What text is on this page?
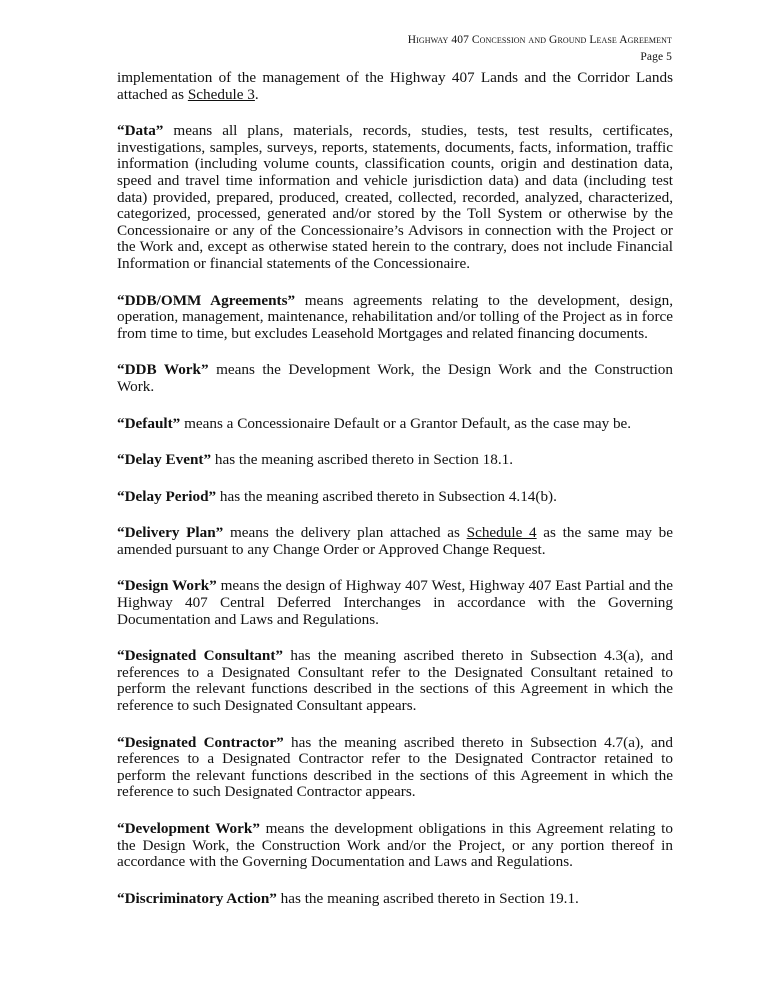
Highway 407 Concession and Ground Lease Agreement
Page 5

implementation of the management of the Highway 407 Lands and the Corridor Lands attached as Schedule 3.

“Data” means all plans, materials, records, studies, tests, test results, certificates, investigations, samples, surveys, reports, statements, documents, facts, information, traffic information (including volume counts, classification counts, origin and destination data, speed and travel time information and vehicle jurisdiction data) and data (including test data) provided, prepared, produced, created, collected, recorded, analyzed, characterized, categorized, processed, generated and/or stored by the Toll System or otherwise by the Concessionaire or any of the Concessionaire’s Advisors in connection with the Project or the Work and, except as otherwise stated herein to the contrary, does not include Financial Information or financial statements of the Concessionaire.

“DDB/OMM Agreements” means agreements relating to the development, design, operation, management, maintenance, rehabilitation and/or tolling of the Project as in force from time to time, but excludes Leasehold Mortgages and related financing documents.

“DDB Work” means the Development Work, the Design Work and the Construction Work.

“Default” means a Concessionaire Default or a Grantor Default, as the case may be.

“Delay Event” has the meaning ascribed thereto in Section 18.1.

“Delay Period” has the meaning ascribed thereto in Subsection 4.14(b).

“Delivery Plan” means the delivery plan attached as Schedule 4 as the same may be amended pursuant to any Change Order or Approved Change Request.

“Design Work” means the design of Highway 407 West, Highway 407 East Partial and the Highway 407 Central Deferred Interchanges in accordance with the Governing Documentation and Laws and Regulations.

“Designated Consultant” has the meaning ascribed thereto in Subsection 4.3(a), and references to a Designated Consultant refer to the Designated Consultant retained to perform the relevant functions described in the sections of this Agreement in which the reference to such Designated Consultant appears.

“Designated Contractor” has the meaning ascribed thereto in Subsection 4.7(a), and references to a Designated Contractor refer to the Designated Contractor retained to perform the relevant functions described in the sections of this Agreement in which the reference to such Designated Contractor appears.

“Development Work” means the development obligations in this Agreement relating to the Design Work, the Construction Work and/or the Project, or any portion thereof in accordance with the Governing Documentation and Laws and Regulations.

“Discriminatory Action” has the meaning ascribed thereto in Section 19.1.
